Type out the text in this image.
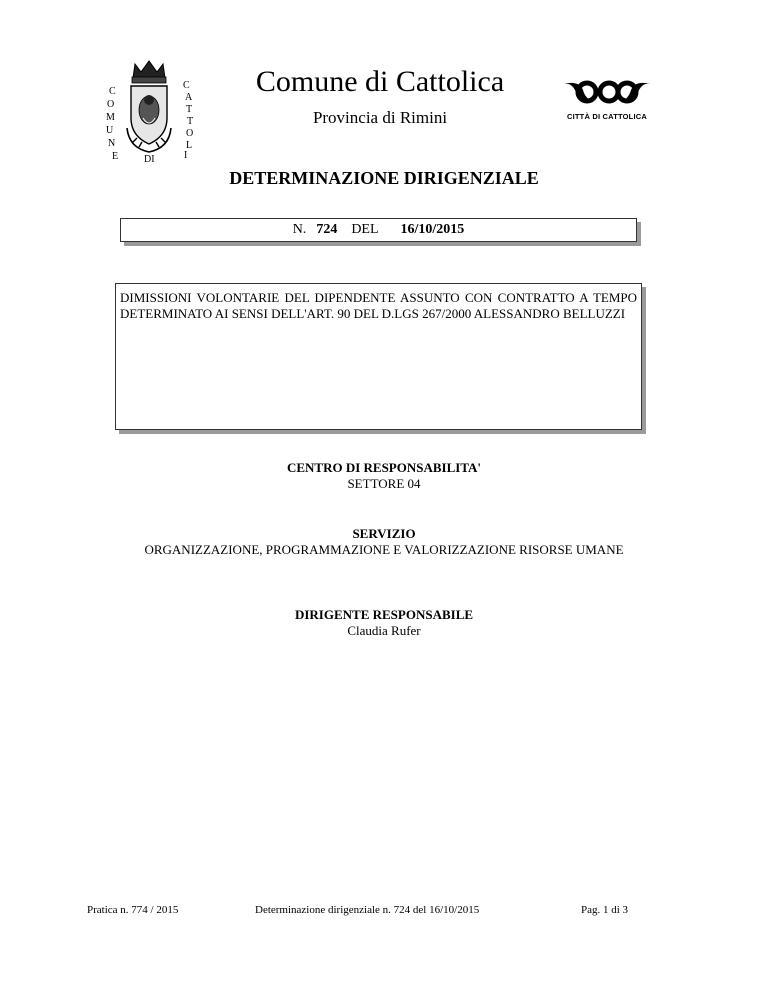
C
O
M
U
N
E
C
A
T
T
O
L
I
DI
Comune di Cattolica
Provincia di Rimini	CITTÀ DI CATTOLICA
DETERMINAZIONE DIRIGENZIALE
N. 724 DEL 16/10/2015
DIMISSIONI VOLONTARIE DEL DIPENDENTE ASSUNTO CON CONTRATTO A TEMPO DETERMINATO AI SENSI DELL'ART. 90 DEL D.LGS 267/2000 ALESSANDRO BELLUZZI
CENTRO DI RESPONSABILITA'
SETTORE 04
SERVIZIO
ORGANIZZAZIONE, PROGRAMMAZIONE E VALORIZZAZIONE RISORSE UMANE
DIRIGENTE RESPONSABILE
Claudia Rufer
Pratica n. 774 / 2015	Determinazione dirigenziale n. 724 del 16/10/2015	Pag. 1 di 3
